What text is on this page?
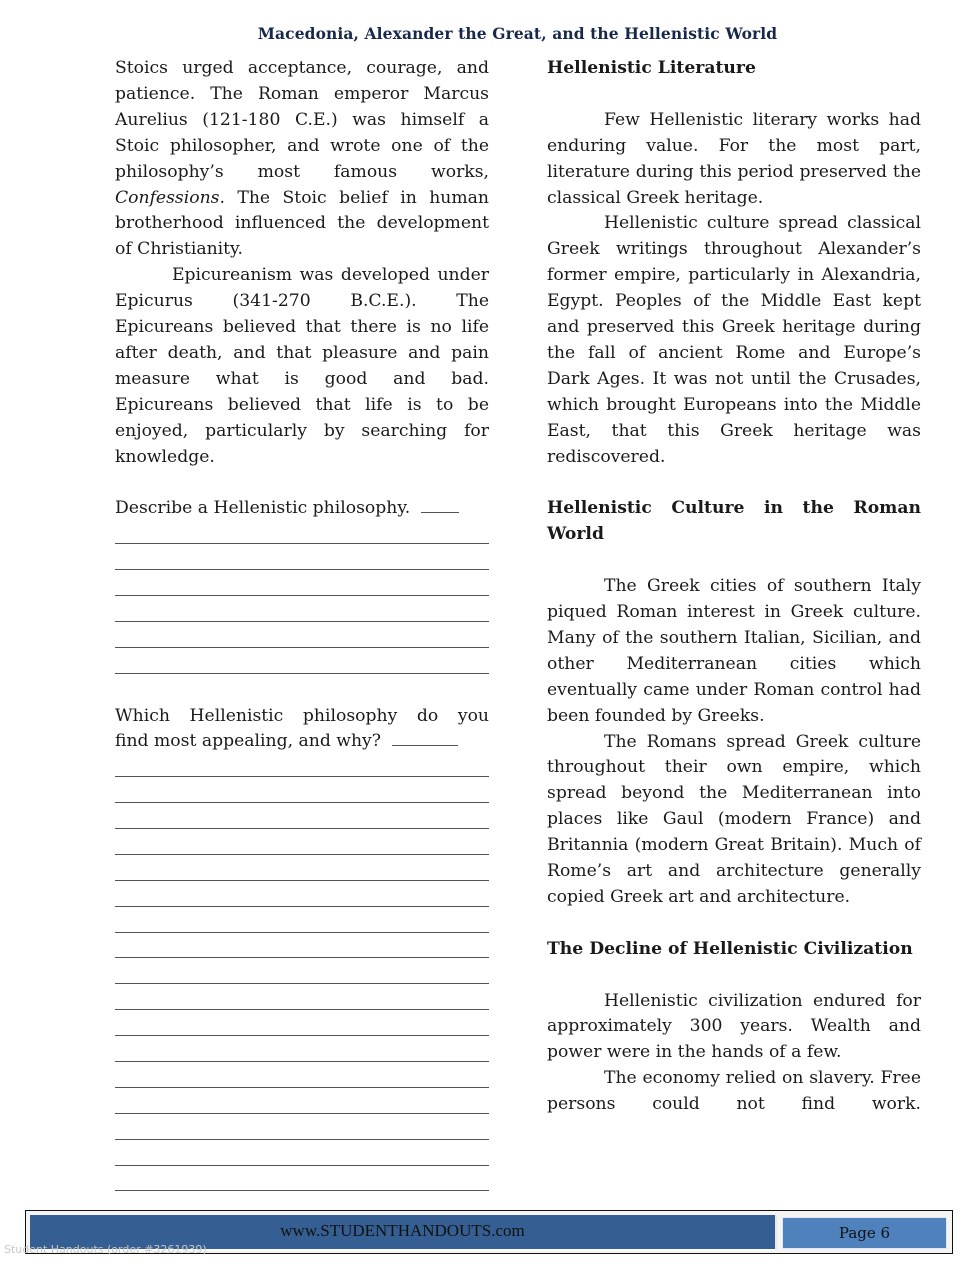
Macedonia, Alexander the Great, and the Hellenistic World

Stoics urged acceptance, courage, and patience. The Roman emperor Marcus Aurelius (121-180 C.E.) was himself a Stoic philosopher, and wrote one of the philosophy’s most famous works, Confessions. The Stoic belief in human brotherhood influenced the development of Christianity.

Epicureanism was developed under Epicurus (341-270 B.C.E.). The Epicureans believed that there is no life after death, and that pleasure and pain measure what is good and bad. Epicureans believed that life is to be enjoyed, particularly by searching for knowledge.

Describe a Hellenistic philosophy.

Which Hellenistic philosophy do you

find most appealing, and why?

Hellenistic Literature

Few Hellenistic literary works had enduring value. For the most part, literature during this period preserved the classical Greek heritage.

Hellenistic culture spread classical Greek writings throughout Alexander’s former empire, particularly in Alexandria, Egypt. Peoples of the Middle East kept and preserved this Greek heritage during the fall of ancient Rome and Europe’s Dark Ages. It was not until the Crusades, which brought Europeans into the Middle East, that this Greek heritage was rediscovered.

Hellenistic Culture in the Roman World

The Greek cities of southern Italy piqued Roman interest in Greek culture. Many of the southern Italian, Sicilian, and other Mediterranean cities which eventually came under Roman control had been founded by Greeks.

The Romans spread Greek culture throughout their own empire, which spread beyond the Mediterranean into places like Gaul (modern France) and Britannia (modern Great Britain). Much of Rome’s art and architecture generally copied Greek art and architecture.

The Decline of Hellenistic Civilization

Hellenistic civilization endured for approximately 300 years. Wealth and power were in the hands of a few.

The economy relied on slavery. Free persons could not find work.

www.STUDENTHANDOUTS.com	Page 6
Student Handouts (order #3261939)
